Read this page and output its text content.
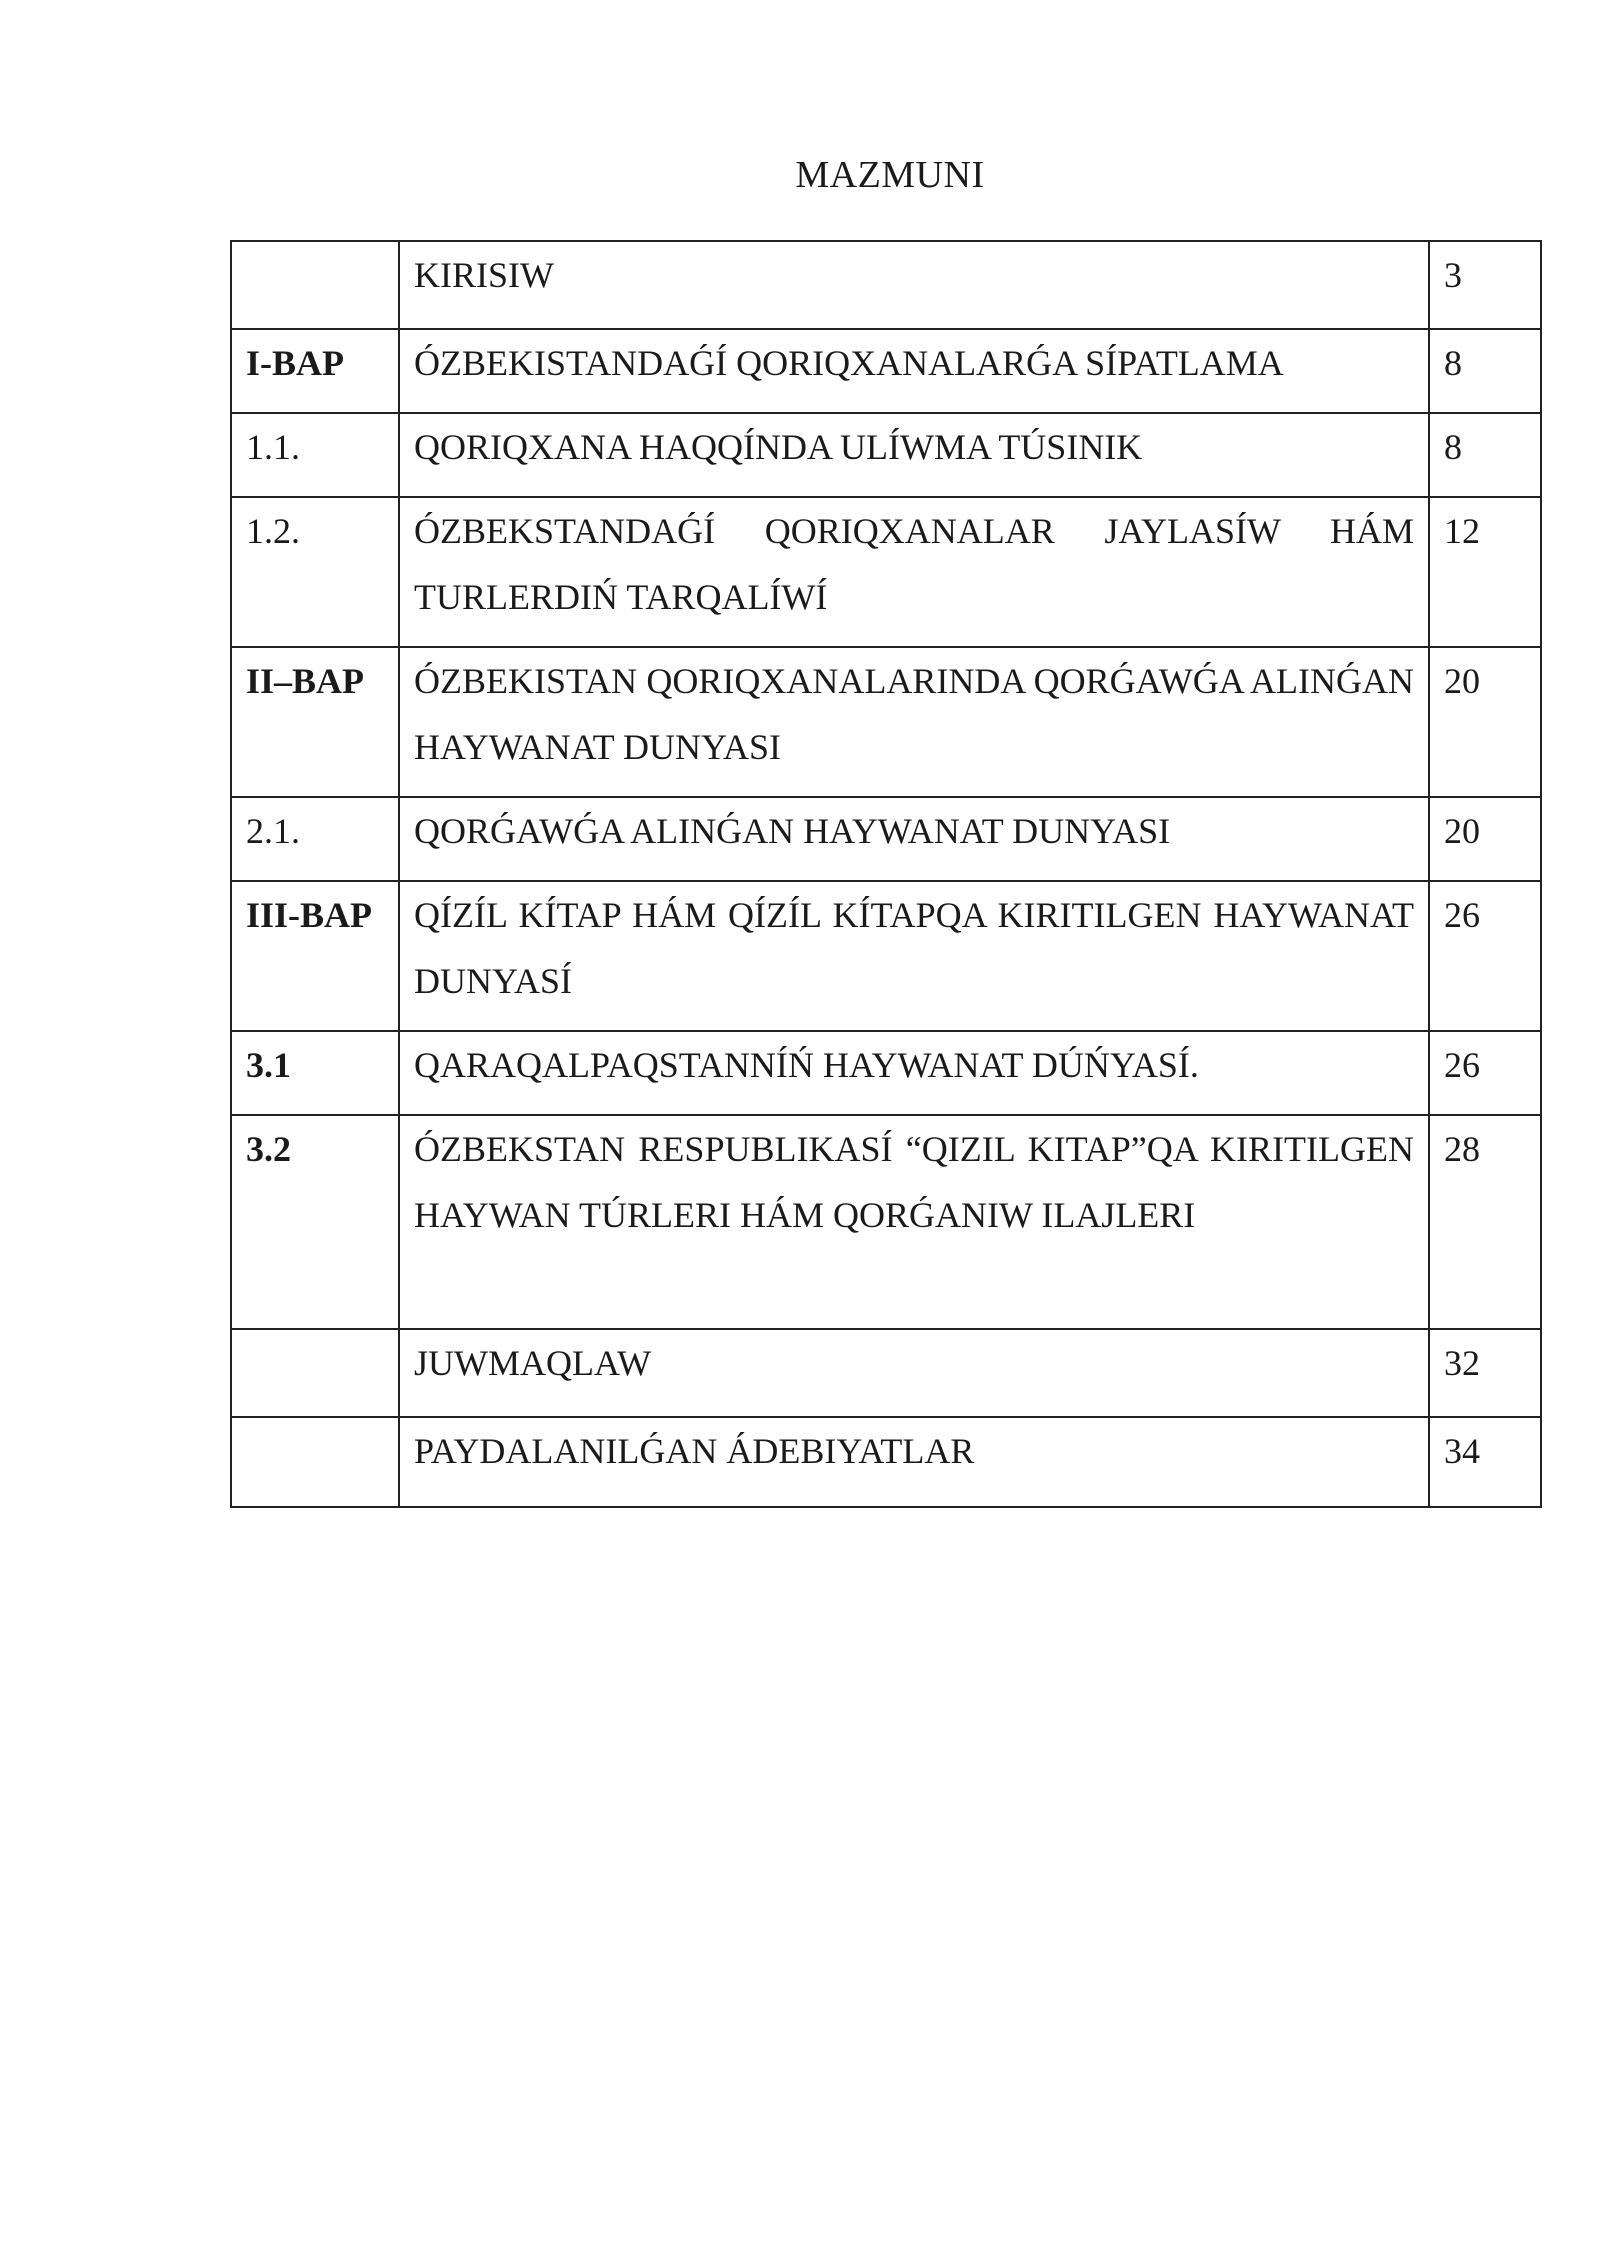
MAZMUNI
	KIRISIW	3
I-BAP	ÓZBEKISTANDAǴÍ QORIQXANALARǴA SÍPATLAMA	8
1.1.	QORIQXANA HAQQÍNDA ULÍWMA TÚSINIK	8
1.2.	ÓZBEKSTANDAǴÍ QORIQXANALAR JAYLASÍW HÁM TURLERDIŃ TARQALÍWÍ	12
II–BAP	ÓZBEKISTAN QORIQXANALARINDA QORǴAWǴA ALINǴAN HAYWANAT DUNYASI	20
2.1.	QORǴAWǴA ALINǴAN HAYWANAT DUNYASI	20
III-BAP	QÍZÍL KÍTAP HÁM QÍZÍL KÍTAPQA KIRITILGEN HAYWANAT DUNYASÍ	26
3.1	QARAQALPAQSTANNÍŃ HAYWANAT DÚŃYASÍ.	26
3.2	ÓZBEKSTAN RESPUBLIKASÍ “QIZIL KITAP”QA KIRITILGEN HAYWAN TÚRLERI HÁM QORǴANIW ILAJLERI	28
	JUWMAQLAW	32
	PAYDALANILǴAN ÁDEBIYATLAR	34
